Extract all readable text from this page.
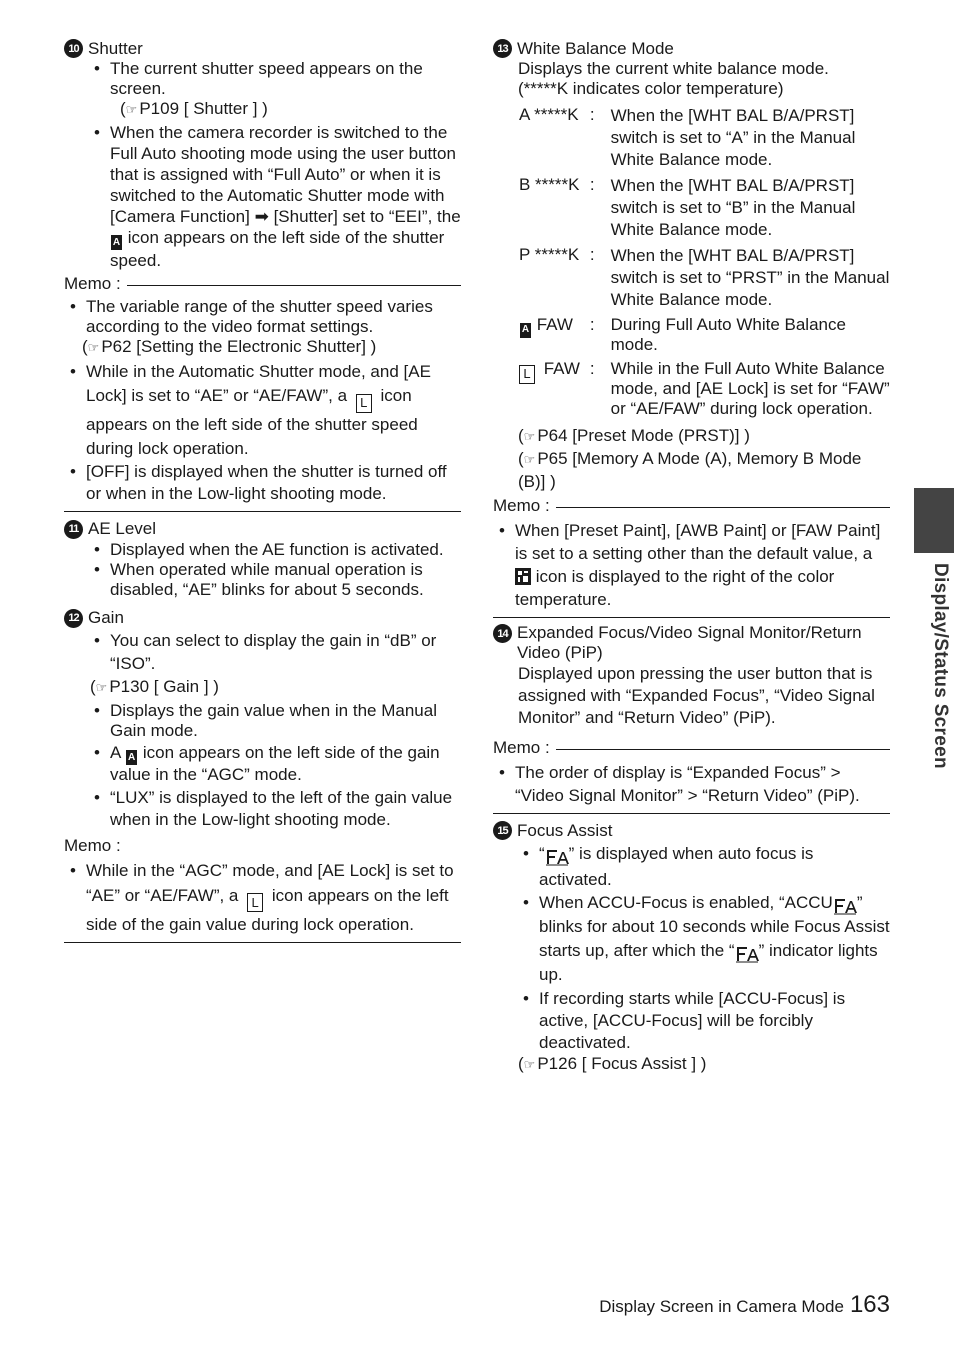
10 Shutter
• The current shutter speed appears on the screen.
(☞ P109 [ Shutter ] )
• When the camera recorder is switched to the Full Auto shooting mode using the user button that is assigned with “Full Auto” or when it is switched to the Automatic Shutter mode with [Camera Function] ➡ [Shutter] set to “EEI”, the A icon appears on the left side of the shutter speed.
Memo :
• The variable range of the shutter speed varies according to the video format settings.
(☞ P62 [Setting the Electronic Shutter] )
• While in the Automatic Shutter mode, and [AE Lock] is set to “AE” or “AE/FAW”, a L icon appears on the left side of the shutter speed during lock operation.
• [OFF] is displayed when the shutter is turned off or when in the Low-light shooting mode.
11 AE Level
• Displayed when the AE function is activated.
• When operated while manual operation is disabled, “AE” blinks for about 5 seconds.
12 Gain
• You can select to display the gain in “dB” or “ISO”.
(☞ P130 [ Gain ] )
• Displays the gain value when in the Manual Gain mode.
• A A icon appears on the left side of the gain value in the “AGC” mode.
• “LUX” is displayed to the left of the gain value when in the Low-light shooting mode.
Memo :
• While in the “AGC” mode, and [AE Lock] is set to “AE” or “AE/FAW”, a L icon appears on the left side of the gain value during lock operation.
13 White Balance Mode
Displays the current white balance mode.
(*****K indicates color temperature)
A *****K	:	When the [WHT BAL B/A/PRST] switch is set to “A” in the Manual White Balance mode.
B *****K	:	When the [WHT BAL B/A/PRST] switch is set to “B” in the Manual White Balance mode.
P *****K	:	When the [WHT BAL B/A/PRST] switch is set to “PRST” in the Manual White Balance mode.
A FAW	:	During Full Auto White Balance mode.
L FAW	:	While in the Full Auto White Balance mode, and [AE Lock] is set for “FAW” or “AE/FAW” during lock operation.
(☞ P64 [Preset Mode (PRST)] )
(☞ P65 [Memory A Mode (A), Memory B Mode (B)] )
Memo :
• When [Preset Paint], [AWB Paint] or [FAW Paint] is set to a setting other than the default value, a
icon is displayed to the right of the color temperature.
14 Expanded Focus/Video Signal Monitor/Return Video (PiP)
Displayed upon pressing the user button that is assigned with “Expanded Focus”, “Video Signal Monitor” and “Return Video” (PiP).
Memo :
• The order of display is “Expanded Focus” > “Video Signal Monitor” > “Return Video” (PiP).
15 Focus Assist
• “ ” is displayed when auto focus is activated.
• When ACCU-Focus is enabled, “ACCU ” blinks for about 10 seconds while Focus Assist starts up, after which the “ ” indicator lights up.
• If recording starts while [ACCU-Focus] is active, [ACCU-Focus] will be forcibly deactivated.
(☞ P126 [ Focus Assist ] )
Display/Status Screen
Display Screen in Camera Mode 163
